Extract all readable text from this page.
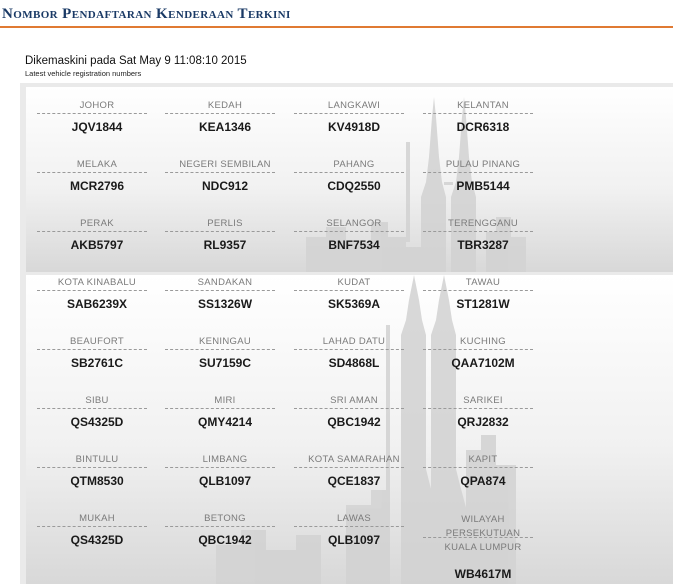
Nombor Pendaftaran Kenderaan Terkini
Dikemaskini pada Sat May 9 11:08:10 2015
Latest vehicle registration numbers
JOHOR
JQV1844
KEDAH
KEA1346
LANGKAWI
KV4918D
KELANTAN
DCR6318
MELAKA
MCR2796
NEGERI SEMBILAN
NDC912
PAHANG
CDQ2550
PULAU PINANG
PMB5144
PERAK
AKB5797
PERLIS
RL9357
SELANGOR
BNF7534
TERENGGANU
TBR3287
KOTA KINABALU
SAB6239X
SANDAKAN
SS1326W
KUDAT
SK5369A
TAWAU
ST1281W
BEAUFORT
SB2761C
KENINGAU
SU7159C
LAHAD DATU
SD4868L
KUCHING
QAA7102M
SIBU
QS4325D
MIRI
QMY4214
SRI AMAN
QBC1942
SARIKEI
QRJ2832
BINTULU
QTM8530
LIMBANG
QLB1097
KOTA SAMARAHAN
QCE1837
KAPIT
QPA874
MUKAH
QS4325D
BETONG
QBC1942
LAWAS
QLB1097
WILAYAH PERSEKUTUAN KUALA LUMPUR
WB4617M
